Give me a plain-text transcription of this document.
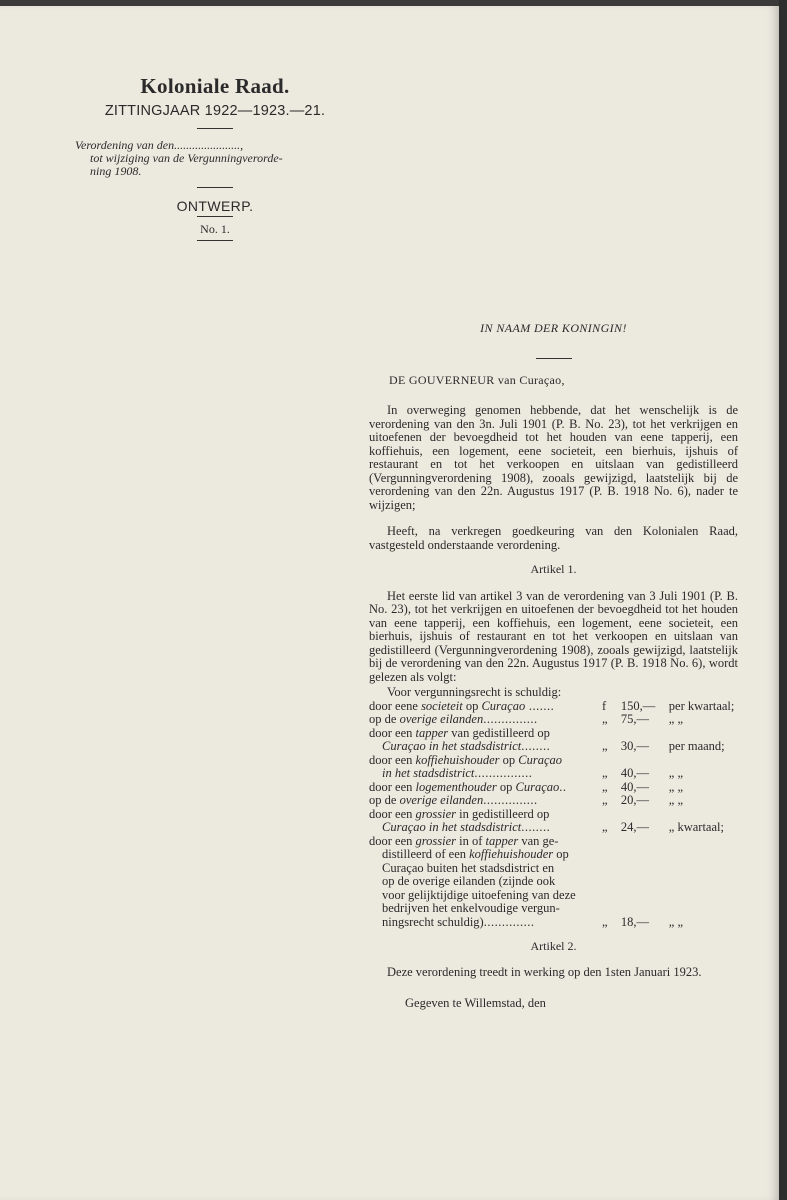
Koloniale Raad.
ZITTINGJAAR 1922—1923.—21.
Verordening van den......................,
tot wijziging van de Vergunningverorde-
ning 1908.
ONTWERP.
No. 1.
IN NAAM DER KONINGIN!
DE GOUVERNEUR van Curaçao,

In overweging genomen hebbende, dat het wenschelijk is de verordening van den 3n. Juli 1901 (P. B. No. 23), tot het verkrijgen en uitoefenen der bevoegdheid tot het houden van eene tapperij, een koffiehuis, een logement, eene societeit, een bierhuis, ijshuis of restaurant en tot het verkoopen en uitslaan van gedistilleerd (Vergunningverordening 1908), zooals gewijzigd, laatstelijk bij de verordening van den 22n. Augustus 1917 (P. B. 1918 No. 6), nader te wijzigen;

Heeft, na verkregen goedkeuring van den Kolonialen Raad, vastgesteld onderstaande verordening.

Artikel 1.

Het eerste lid van artikel 3 van de verordening van 3 Juli 1901 (P. B. No. 23), tot het verkrijgen en uitoefenen der bevoegdheid tot het houden van eene tapperij, een koffiehuis, een logement, eene societeit, een bierhuis, ijshuis of restaurant en tot het verkoopen en uitslaan van gedistilleerd (Vergunningverordening 1908), zooals gewijzigd, laatstelijk bij de verordening van den 22n. Augustus 1917 (P. B. 1918 No. 6), wordt gelezen als volgt:

Voor vergunningsrecht is schuldig:

door eene societeit op Curaçao .......	f	150,—	per kwartaal;
op de overige eilanden...............	„	75,—	„ „
door een tapper van gedistilleerd op			
Curaçao in het stadsdistrict........	„	30,—	per maand;
door een koffiehuishouder op Curaçao			
in het stadsdistrict................	„	40,—	„ „
door een logementhouder op Curaçao..	„	40,—	„ „
op de overige eilanden...............	„	20,—	„ „
door een grossier in gedistilleerd op			
Curaçao in het stadsdistrict........	„	24,—	„ kwartaal;
door een grossier in of tapper van ge-			
distilleerd of een koffiehuishouder op			
Curaçao buiten het stadsdistrict en			
op de overige eilanden (zijnde ook			
voor gelijktijdige uitoefening van deze			
bedrijven het enkelvoudige vergun-			
ningsrecht schuldig)..............	„	18,—	„ „
Artikel 2.

Deze verordening treedt in werking op den 1sten Januari 1923.

Gegeven te Willemstad, den
